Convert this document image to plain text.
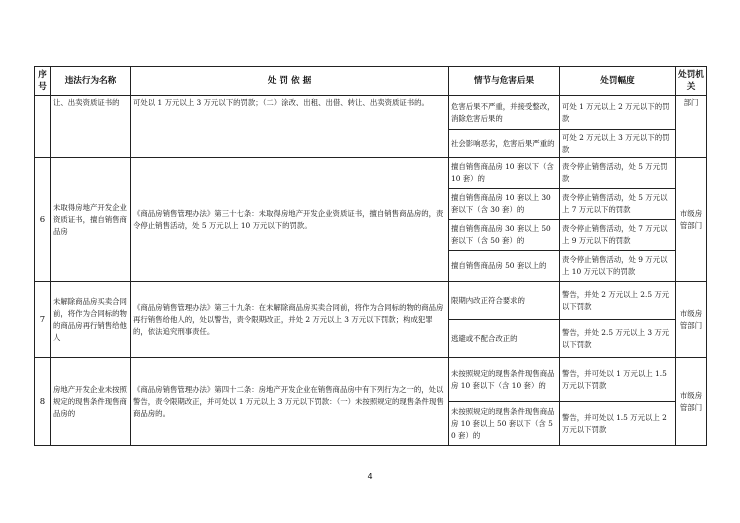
序号	违法行为名称	处 罚 依 据	情节与危害后果	处罚幅度	处罚机关
	让、出卖资质证书的	可处以 1 万元以上 3 万元以下的罚款；（二）涂改、出租、出借、转让、出卖资质证书的。	危害后果不严重，并接受整改，消除危害后果的	可处 1 万元以上 2 万元以下的罚款	部门
			社会影响恶劣，危害后果严重的	可处 2 万元以上 3 万元以下的罚款	
6	未取得房地产开发企业资质证书，擅自销售商品房	《商品房销售管理办法》第三十七条：未取得房地产开发企业资质证书，擅自销售商品房的，责令停止销售活动，处 5 万元以上 10 万元以下的罚款。	擅自销售商品房 10 套以下（含 10 套）的	责令停止销售活动，处 5 万元罚款	市级房管部门
			擅自销售商品房 10 套以上 30 套以下（含 30 套）的	责令停止销售活动，处 5 万元以上 7 万元以下的罚款	
			擅自销售商品房 30 套以上 50 套以下（含 50 套）的	责令停止销售活动，处 7 万元以上 9 万元以下的罚款	
			擅自销售商品房 50 套以上的	责令停止销售活动，处 9 万元以上 10 万元以下的罚款	
7	未解除商品房买卖合同前，将作为合同标的物的商品房再行销售给他人	《商品房销售管理办法》第三十九条：在未解除商品房买卖合同前，将作为合同标的物的商品房再行销售给他人的，处以警告，责令限期改正，并处 2 万元以上 3 万元以下罚款；构成犯罪的，依法追究刑事责任。	限期内改正符合要求的	警告，并处 2 万元以上 2.5 万元以下罚款	市级房管部门
			逃避或不配合改正的	警告，并处 2.5 万元以上 3 万元以下罚款	
8	房地产开发企业未按照规定的现售条件现售商品房的	《商品房销售管理办法》第四十二条：房地产开发企业在销售商品房中有下列行为之一的，处以警告，责令限期改正，并可处以 1 万元以上 3 万元以下罚款：（一）未按照规定的现售条件现售商品房的。	未按照规定的现售条件现售商品房 10 套以下（含 10 套）的	警告，并可处以 1 万元以上 1.5 万元以下罚款	市级房管部门
			未按照规定的现售条件现售商品房 10 套以上 50 套以下（含 50 套）的	警告，并可处以 1.5 万元以上 2 万元以下罚款	
4
